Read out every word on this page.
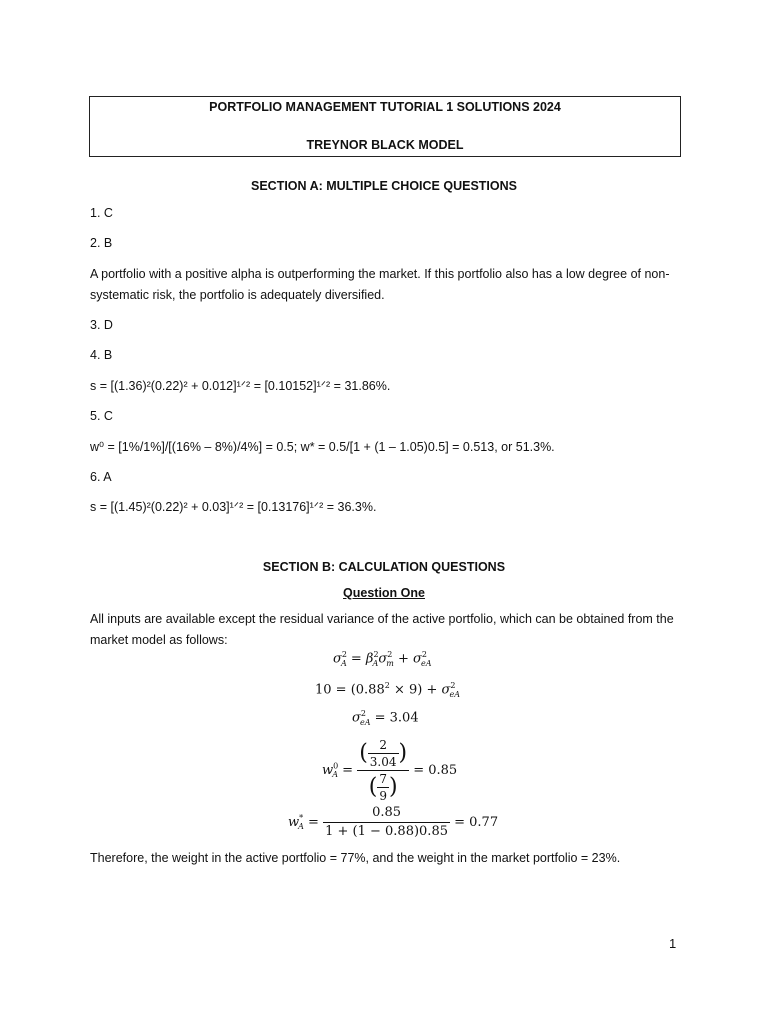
PORTFOLIO MANAGEMENT TUTORIAL 1 SOLUTIONS 2024
TREYNOR BLACK MODEL
SECTION A: MULTIPLE CHOICE QUESTIONS
1. C
2. B
A portfolio with a positive alpha is outperforming the market. If this portfolio also has a low degree of non-systematic risk, the portfolio is adequately diversified.
3. D
4. B
s = [(1.36)²(0.22)² + 0.012]¹ᐟ² = [0.10152]¹ᐟ² = 31.86%.
5. C
w⁰ = [1%/1%]/[(16% – 8%)/4%] = 0.5; w* = 0.5/[1 + (1 – 1.05)0.5] = 0.513, or 51.3%.
6. A
s = [(1.45)²(0.22)² + 0.03]¹ᐟ² = [0.13176]¹ᐟ² = 36.3%.
SECTION B: CALCULATION QUESTIONS
Question One
All inputs are available except the residual variance of the active portfolio, which can be obtained from the market model as follows:
$\sigma^2_A = \beta^2_A\sigma^2_m + \sigma^2_{eA}$
$10 = (0.88^2 \times 9) + \sigma^2_{eA}$
$\sigma^2_{eA} = 3.04$
$w^0_A = \frac{( \frac{2}{3.04} )}{( \frac{7}{9} )} = 0.85$
$w^*_A = \frac{0.85}{1 + (1 - 0.88)0.85} = 0.77$
Therefore, the weight in the active portfolio = 77%, and the weight in the market portfolio = 23%.
1
